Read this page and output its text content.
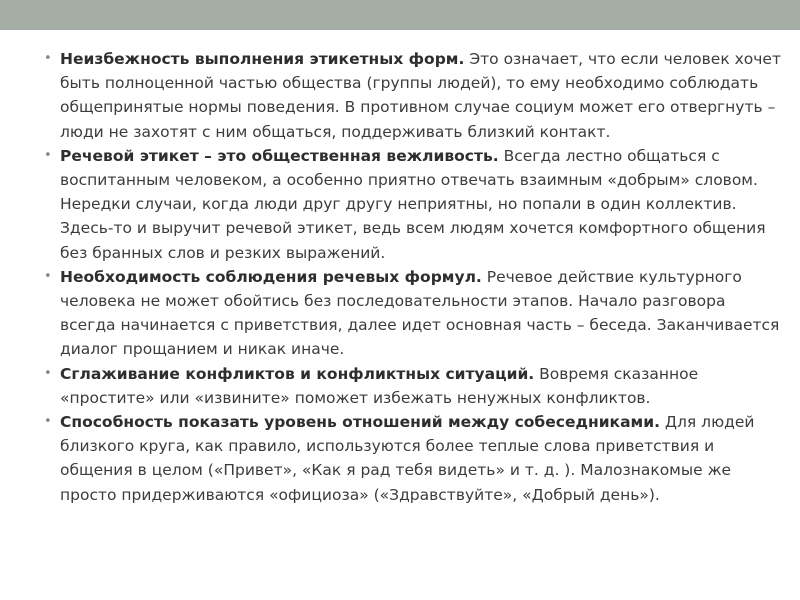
• Неизбежность выполнения этикетных форм. Это означает, что если человек хочет быть полноценной частью общества (группы людей), то ему необходимо соблюдать общепринятые нормы поведения. В противном случае социум может его отвергнуть – люди не захотят с ним общаться, поддерживать близкий контакт.
• Речевой этикет – это общественная вежливость. Всегда лестно общаться с воспитанным человеком, а особенно приятно отвечать взаимным «добрым» словом. Нередки случаи, когда люди друг другу неприятны, но попали в один коллектив. Здесь-то и выручит речевой этикет, ведь всем людям хочется комфортного общения без бранных слов и резких выражений.
• Необходимость соблюдения речевых формул. Речевое действие культурного человека не может обойтись без последовательности этапов. Начало разговора всегда начинается с приветствия, далее идет основная часть – беседа. Заканчивается диалог прощанием и никак иначе.
• Сглаживание конфликтов и конфликтных ситуаций. Вовремя сказанное «простите» или «извините» поможет избежать ненужных конфликтов.
• Способность показать уровень отношений между собеседниками. Для людей близкого круга, как правило, используются более теплые слова приветствия и общения в целом («Привет», «Как я рад тебя видеть» и т. д. ). Малознакомые же просто придерживаются «официоза» («Здравствуйте», «Добрый день»).
